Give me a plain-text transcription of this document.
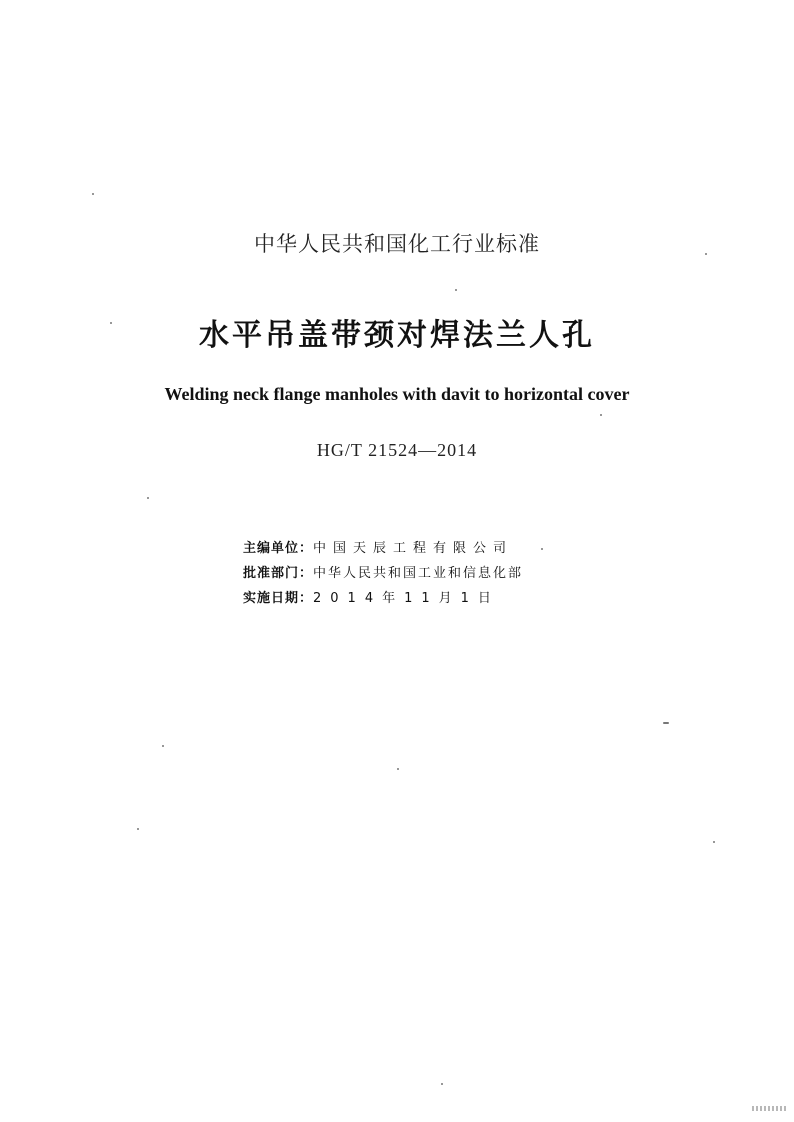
中华人民共和国化工行业标准
水平吊盖带颈对焊法兰人孔
Welding neck flange manholes with davit to horizontal cover
HG/T 21524—2014
主编单位：中国天辰工程有限公司
批准部门：中华人民共和国工业和信息化部
实施日期：2014年11月1日
